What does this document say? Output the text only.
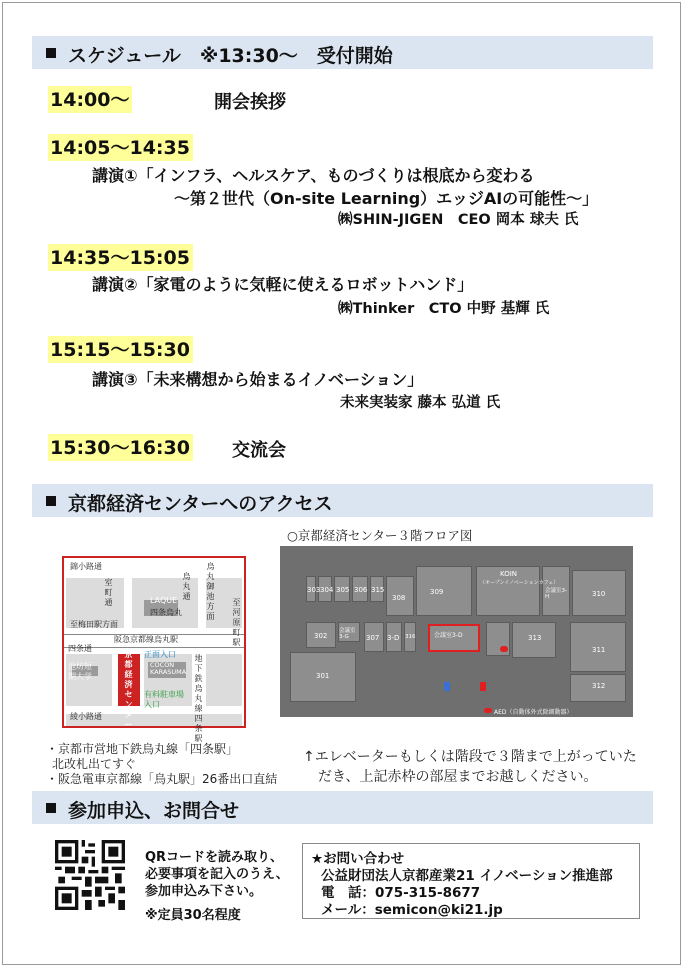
スケジュール　※13:30～　受付開始
14:00～	開会挨拶
14:05～14:35
講演①「インフラ、ヘルスケア、ものづくりは根底から変わる
～第２世代（On-site Learning）エッジAIの可能性～」
㈱SHIN-JIGEN　CEO 岡本 球夫 氏
14:35～15:05
講演②「家電のように気軽に使えるロボットハンド」
㈱Thinker　CTO 中野 基輝 氏
15:15～15:30
講演③「未来構想から始まるイノベーション」
未来実装家 藤本 弘道 氏
15:30～16:30 交流会
京都経済センターへのアクセス
○京都経済センター３階フロア図
錦小路通
室町通
烏丸通
烏丸御池方面
LAQUE
四条烏丸
至河原町駅
至梅田駅方面
阪急京都線烏丸駅
四条通
京都経済センター
正面入口
COCON KARASUMA
地下鉄烏丸線四条駅
池坊短期大学
有料駐車場入口
綾小路通
303 304 305 306 315
308
309
KOIN
（オープンイノベーションカフェ）
会議室3-H	310
302
会議室3-G	307 3-D 316	会議室3-D	313
311
301
312
AED（自動体外式除細動器）
・京都市営地下鉄烏丸線「四条駅」
北改札出てすぐ
・阪急電車京都線「烏丸駅」26番出口直結
↑エレベーターもしくは階段で３階まで上がっていた
だき、上記赤枠の部屋までお越しください。
参加申込、お問合せ
QRコードを読み取り、
必要事項を記入のうえ、
参加申込み下さい。
※定員30名程度
★お問い合わせ
公益財団法人京都産業21 イノベーション推進部
電　話：075-315-8677
メール：semicon@ki21.jp
